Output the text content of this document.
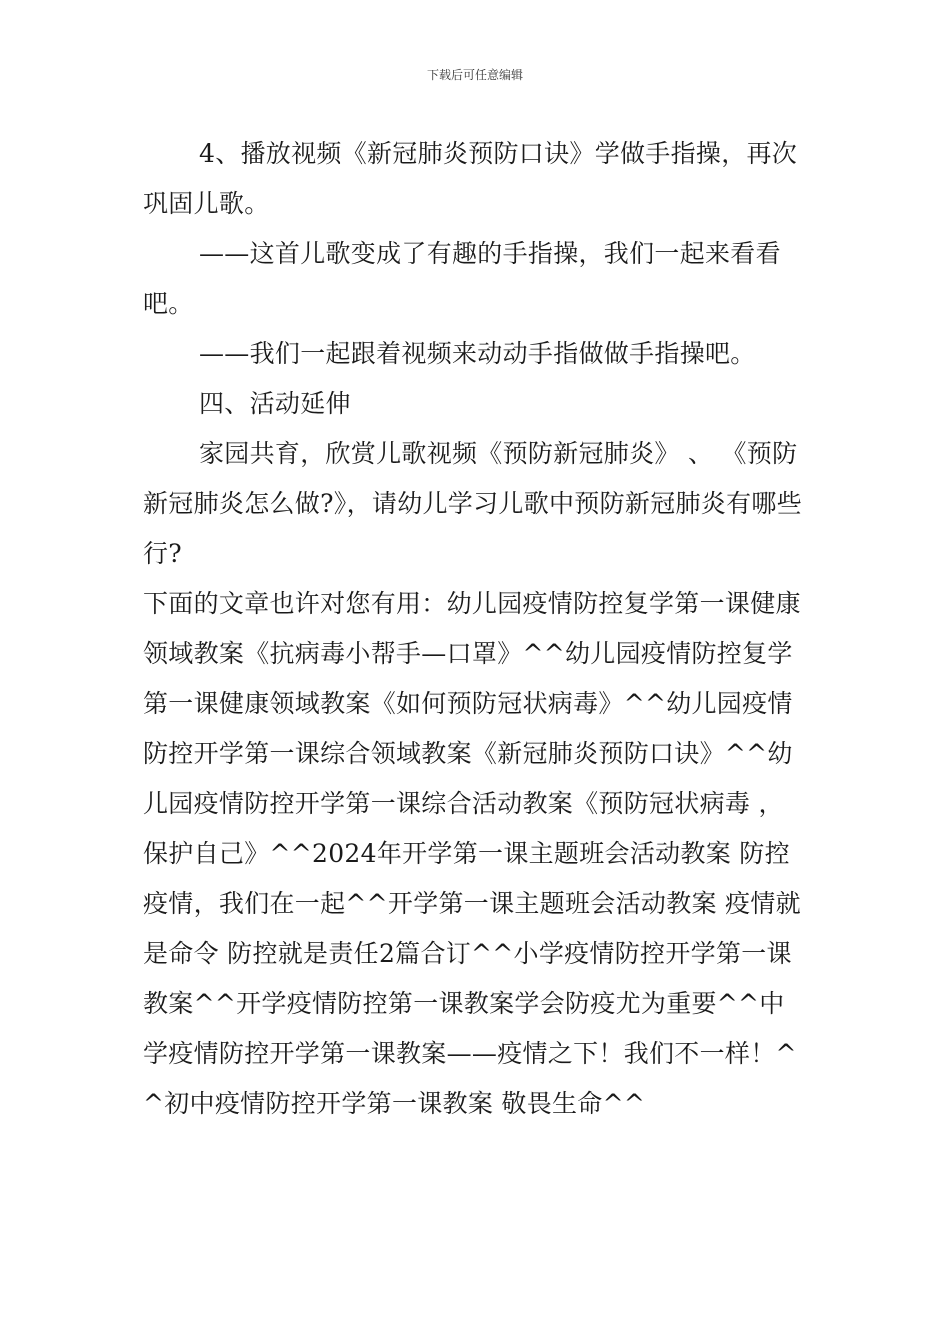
下载后可任意编辑

4、播放视频《新冠肺炎预防口诀》学做手指操，再次巩固儿歌。

——这首儿歌变成了有趣的手指操，我们一起来看看吧。

——我们一起跟着视频来动动手指做做手指操吧。

四、活动延伸

家园共育，欣赏儿歌视频《预防新冠肺炎》 、 《预防新冠肺炎怎么做?》，请幼儿学习儿歌中预防新冠肺炎有哪些行?

下面的文章也许对您有用：幼儿园疫情防控复学第一课健康领域教案《抗病毒小帮手—口罩》^^幼儿园疫情防控复学第一课健康领域教案《如何预防冠状病毒》^^幼儿园疫情防控开学第一课综合领域教案《新冠肺炎预防口诀》^^幼儿园疫情防控开学第一课综合活动教案《预防冠状病毒 ，保护自己》^^2024年开学第一课主题班会活动教案 防控疫情，我们在一起^^开学第一课主题班会活动教案 疫情就是命令 防控就是责任2篇合订^^小学疫情防控开学第一课教案^^开学疫情防控第一课教案学会防疫尤为重要^^中学疫情防控开学第一课教案——疫情之下！我们不一样！^^初中疫情防控开学第一课教案 敬畏生命^^
